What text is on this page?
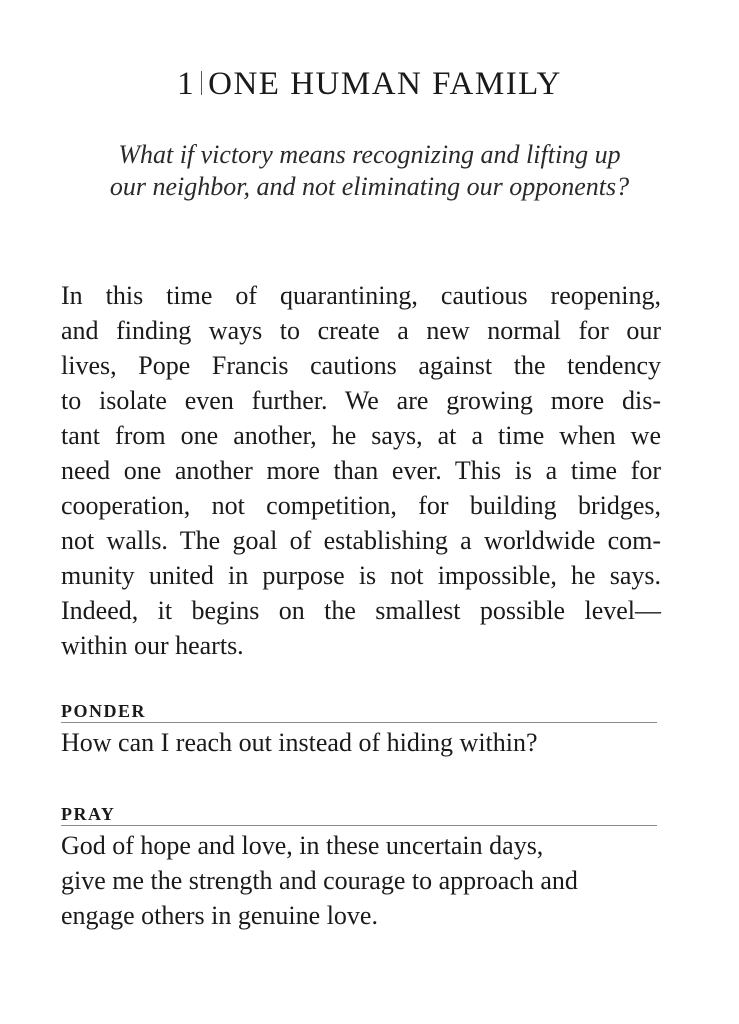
1 ONE HUMAN FAMILY
What if victory means recognizing and lifting up
our neighbor, and not eliminating our opponents?
In this time of quarantining, cautious reopening,
and finding ways to create a new normal for our
lives, Pope Francis cautions against the tendency
to isolate even further. We are growing more dis-
tant from one another, he says, at a time when we
need one another more than ever. This is a time for
cooperation, not competition, for building bridges,
not walls. The goal of establishing a worldwide com-
munity united in purpose is not impossible, he says.
Indeed, it begins on the smallest possible level—
within our hearts.
PONDER
How can I reach out instead of hiding within?
PRAY
God of hope and love, in these uncertain days,
give me the strength and courage to approach and
engage others in genuine love.
